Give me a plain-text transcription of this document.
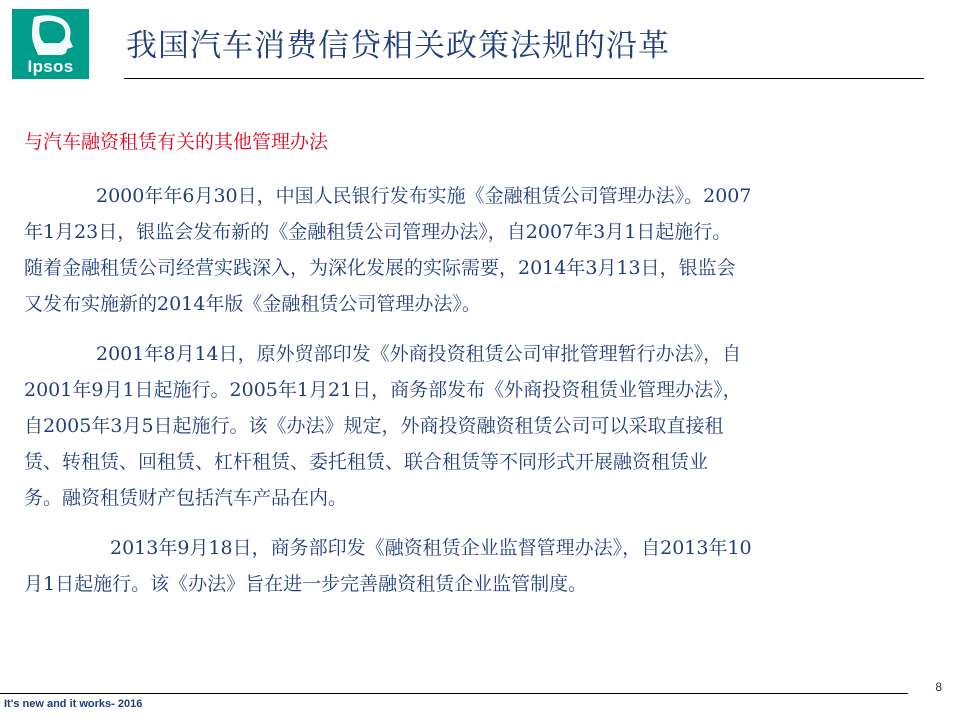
Ipsos
我国汽车消费信贷相关政策法规的沿革
与汽车融资租赁有关的其他管理办法
2000年年6月30日，中国人民银行发布实施《金融租赁公司管理办法》。2007
年1月23日，银监会发布新的《金融租赁公司管理办法》，自2007年3月1日起施行。
随着金融租赁公司经营实践深入，为深化发展的实际需要，2014年3月13日，银监会
又发布实施新的2014年版《金融租赁公司管理办法》。
2001年8月14日，原外贸部印发《外商投资租赁公司审批管理暂行办法》，自
2001年9月1日起施行。2005年1月21日，商务部发布《外商投资租赁业管理办法》，
自2005年3月5日起施行。该《办法》规定，外商投资融资租赁公司可以采取直接租
赁、转租赁、回租赁、杠杆租赁、委托租赁、联合租赁等不同形式开展融资租赁业
务。融资租赁财产包括汽车产品在内。
2013年9月18日，商务部印发《融资租赁企业监督管理办法》，自2013年10
月1日起施行。该《办法》旨在进一步完善融资租赁企业监管制度。
8
It's new and it works- 2016
